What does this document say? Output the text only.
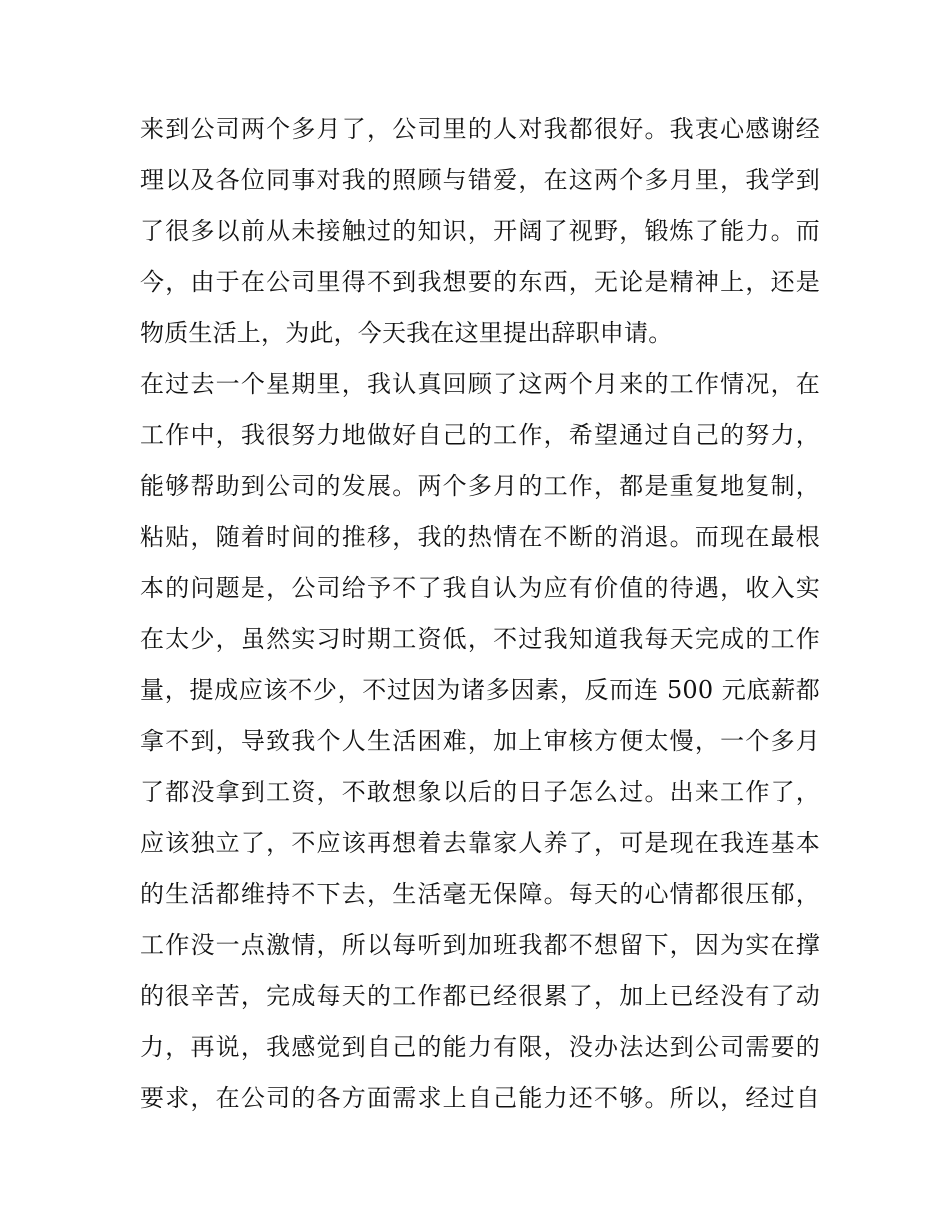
来到公司两个多月了，公司里的人对我都很好。我衷心感谢经
理以及各位同事对我的照顾与错爱，在这两个多月里，我学到
了很多以前从未接触过的知识，开阔了视野，锻炼了能力。而
今，由于在公司里得不到我想要的东西，无论是精神上，还是
物质生活上，为此，今天我在这里提出辞职申请。
在过去一个星期里，我认真回顾了这两个月来的工作情况，在
工作中，我很努力地做好自己的工作，希望通过自己的努力，
能够帮助到公司的发展。两个多月的工作，都是重复地复制，
粘贴，随着时间的推移，我的热情在不断的消退。而现在最根
本的问题是，公司给予不了我自认为应有价值的待遇，收入实
在太少，虽然实习时期工资低，不过我知道我每天完成的工作
量，提成应该不少，不过因为诸多因素，反而连 500 元底薪都
拿不到，导致我个人生活困难，加上审核方便太慢，一个多月
了都没拿到工资，不敢想象以后的日子怎么过。出来工作了，
应该独立了，不应该再想着去靠家人养了，可是现在我连基本
的生活都维持不下去，生活毫无保障。每天的心情都很压郁，
工作没一点激情，所以每听到加班我都不想留下，因为实在撑
的很辛苦，完成每天的工作都已经很累了，加上已经没有了动
力，再说，我感觉到自己的能力有限，没办法达到公司需要的
要求，在公司的各方面需求上自己能力还不够。所以，经过自
